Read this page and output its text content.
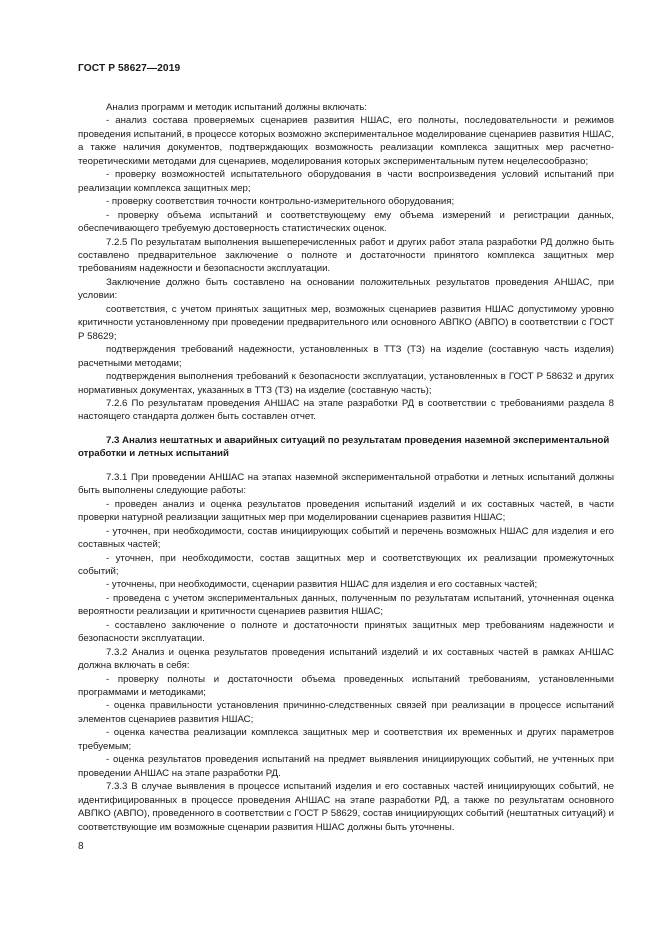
ГОСТ Р 58627—2019

Анализ программ и методик испытаний должны включать:

- анализ состава проверяемых сценариев развития НШАС, его полноты, последовательности и режимов проведения испытаний, в процессе которых возможно экспериментальное моделирование сценариев развития НШАС, а также наличия документов, подтверждающих возможность реализации комплекса защитных мер расчетно-теоретическими методами для сценариев, моделирования которых экспериментальным путем нецелесообразно;

- проверку возможностей испытательного оборудования в части воспроизведения условий испытаний при реализации комплекса защитных мер;

- проверку соответствия точности контрольно-измерительного оборудования;

- проверку объема испытаний и соответствующему ему объема измерений и регистрации данных, обеспечивающего требуемую достоверность статистических оценок.

7.2.5 По результатам выполнения вышеперечисленных работ и других работ этапа разработки РД должно быть составлено предварительное заключение о полноте и достаточности принятого комплекса защитных мер требованиям надежности и безопасности эксплуатации.

Заключение должно быть составлено на основании положительных результатов проведения АНШАС, при условии:

соответствия, с учетом принятых защитных мер, возможных сценариев развития НШАС допустимому уровню критичности установленному при проведении предварительного или основного АВПКО (АВПО) в соответствии с ГОСТ Р 58629;

подтверждения требований надежности, установленных в ТТЗ (ТЗ) на изделие (составную часть изделия) расчетными методами;

подтверждения выполнения требований к безопасности эксплуатации, установленных в ГОСТ Р 58632 и других нормативных документах, указанных в ТТЗ (ТЗ) на изделие (составную часть);

7.2.6 По результатам проведения АНШАС на этапе разработки РД в соответствии с требованиями раздела 8 настоящего стандарта должен быть составлен отчет.

7.3 Анализ нештатных и аварийных ситуаций по результатам проведения наземной экспериментальной отработки и летных испытаний

7.3.1 При проведении АНШАС на этапах наземной экспериментальной отработки и летных испытаний должны быть выполнены следующие работы:

- проведен анализ и оценка результатов проведения испытаний изделий и их составных частей, в части проверки натурной реализации защитных мер при моделировании сценариев развития НШАС;

- уточнен, при необходимости, состав инициирующих событий и перечень возможных НШАС для изделия и его составных частей;

- уточнен, при необходимости, состав защитных мер и соответствующих их реализации промежуточных событий;

- уточнены, при необходимости, сценарии развития НШАС для изделия и его составных частей;

- проведена с учетом экспериментальных данных, полученным по результатам испытаний, уточненная оценка вероятности реализации и критичности сценариев развития НШАС;

- составлено заключение о полноте и достаточности принятых защитных мер требованиям надежности и безопасности эксплуатации.

7.3.2 Анализ и оценка результатов проведения испытаний изделий и их составных частей в рамках АНШАС должна включать в себя:

- проверку полноты и достаточности объема проведенных испытаний требованиям, установленными программами и методиками;

- оценка правильности установления причинно-следственных связей при реализации в процессе испытаний элементов сценариев развития НШАС;

- оценка качества реализации комплекса защитных мер и соответствия их временных и других параметров требуемым;

- оценка результатов проведения испытаний на предмет выявления инициирующих событий, не учтенных при проведении АНШАС на этапе разработки РД.

7.3.3 В случае выявления в процессе испытаний изделия и его составных частей инициирующих событий, не идентифицированных в процессе проведения АНШАС на этапе разработки РД, а также по результатам основного АВПКО (АВПО), проведенного в соответствии с ГОСТ Р 58629, состав инициирующих событий (нештатных ситуаций) и соответствующие им возможные сценарии развития НШАС должны быть уточнены.

8
